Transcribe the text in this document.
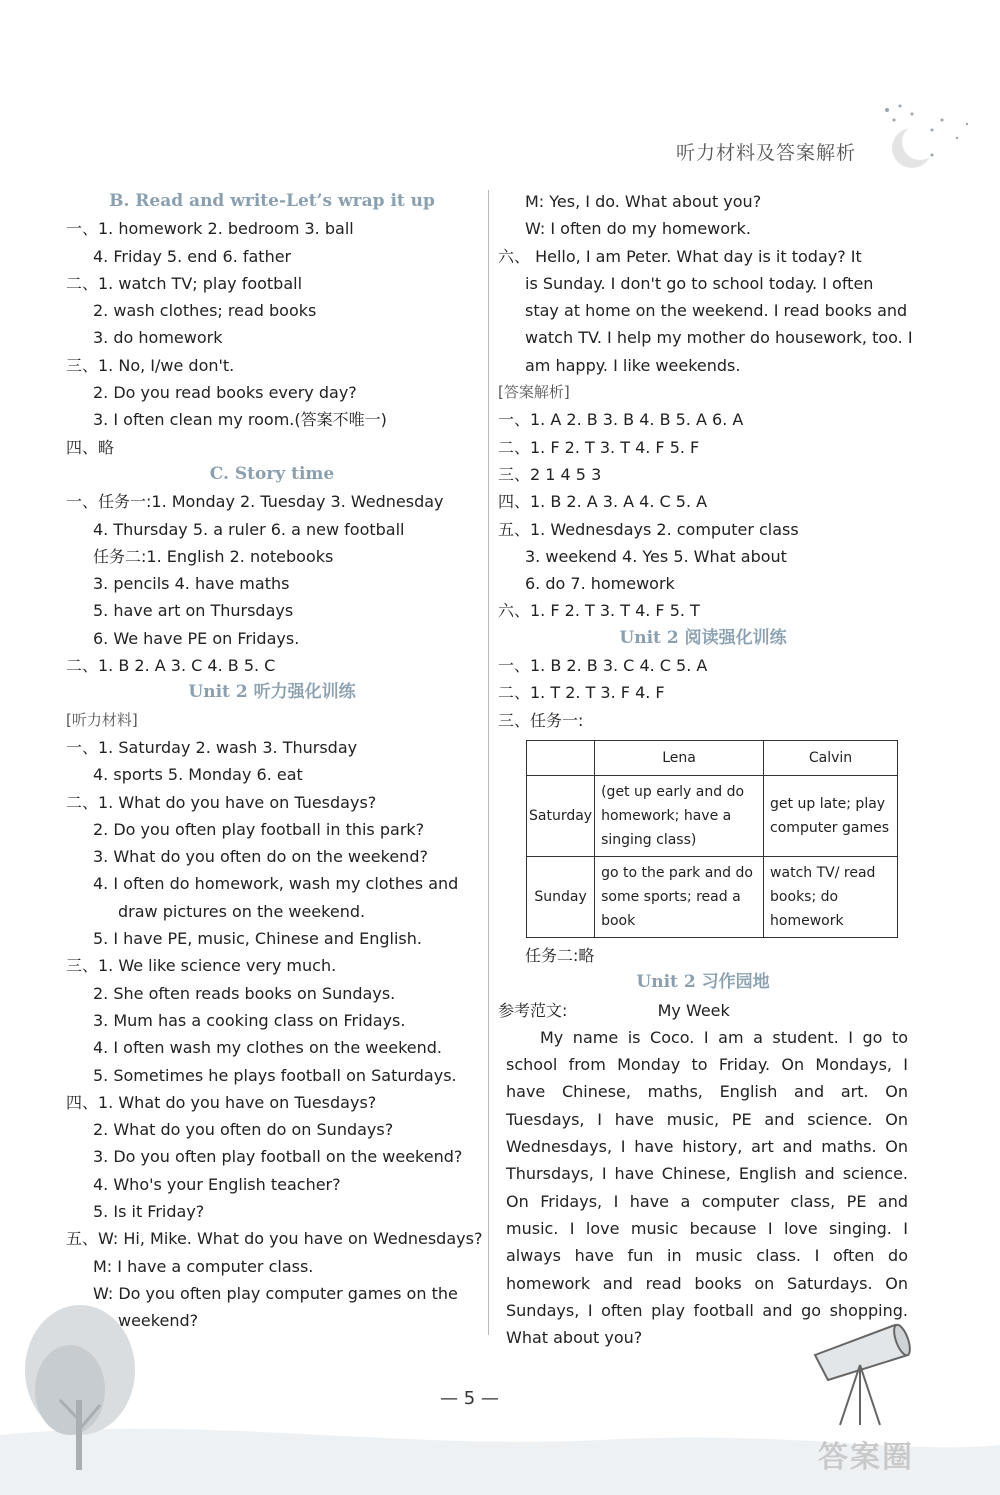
听力材料及答案解析
B. Read and write-Let’s wrap it up
一、1. homework 2. bedroom 3. ball
4. Friday 5. end 6. father
二、1. watch TV; play football
2. wash clothes; read books
3. do homework
三、1. No, I/we don't.
2. Do you read books every day?
3. I often clean my room.(答案不唯一)
四、略
C. Story time
一、任务一:1. Monday 2. Tuesday 3. Wednesday
4. Thursday 5. a ruler 6. a new football
任务二:1. English 2. notebooks
3. pencils 4. have maths
5. have art on Thursdays
6. We have PE on Fridays.
二、1. B 2. A 3. C 4. B 5. C
Unit 2 听力强化训练
[听力材料]
一、1. Saturday 2. wash 3. Thursday
4. sports 5. Monday 6. eat
二、1. What do you have on Tuesdays?
2. Do you often play football in this park?
3. What do you often do on the weekend?
4. I often do homework, wash my clothes and
draw pictures on the weekend.
5. I have PE, music, Chinese and English.
三、1. We like science very much.
2. She often reads books on Sundays.
3. Mum has a cooking class on Fridays.
4. I often wash my clothes on the weekend.
5. Sometimes he plays football on Saturdays.
四、1. What do you have on Tuesdays?
2. What do you often do on Sundays?
3. Do you often play football on the weekend?
4. Who's your English teacher?
5. Is it Friday?
五、W: Hi, Mike. What do you have on Wednesdays?
M: I have a computer class.
W: Do you often play computer games on the
weekend?
M: Yes, I do. What about you?
W: I often do my homework.
六、 Hello, I am Peter. What day is it today? It
is Sunday. I don't go to school today. I often
stay at home on the weekend. I read books and
watch TV. I help my mother do housework, too. I
am happy. I like weekends.
[答案解析]
一、1. A 2. B 3. B 4. B 5. A 6. A
二、1. F 2. T 3. T 4. F 5. F
三、2 1 4 5 3
四、1. B 2. A 3. A 4. C 5. A
五、1. Wednesdays 2. computer class
3. weekend 4. Yes 5. What about
6. do 7. homework
六、1. F 2. T 3. T 4. F 5. T
Unit 2 阅读强化训练
一、1. B 2. B 3. C 4. C 5. A
二、1. T 2. T 3. F 4. F
三、任务一:
	Lena	Calvin
Saturday	(get up early and do homework; have a singing class)	get up late; play computer games
Sunday	go to the park and do some sports; read a book	watch TV/ read books; do homework
任务二:略
Unit 2 习作园地
参考范文:	My Week
My name is Coco. I am a student. I go to school from Monday to Friday. On Mondays, I have Chinese, maths, English and art. On Tuesdays, I have music, PE and science. On Wednesdays, I have history, art and maths. On Thursdays, I have Chinese, English and science. On Fridays, I have a computer class, PE and music. I love music because I love singing. I always have fun in music class. I often do homework and read books on Saturdays. On Sundays, I often play football and go shopping. What about you?
— 5 —
答案圈
